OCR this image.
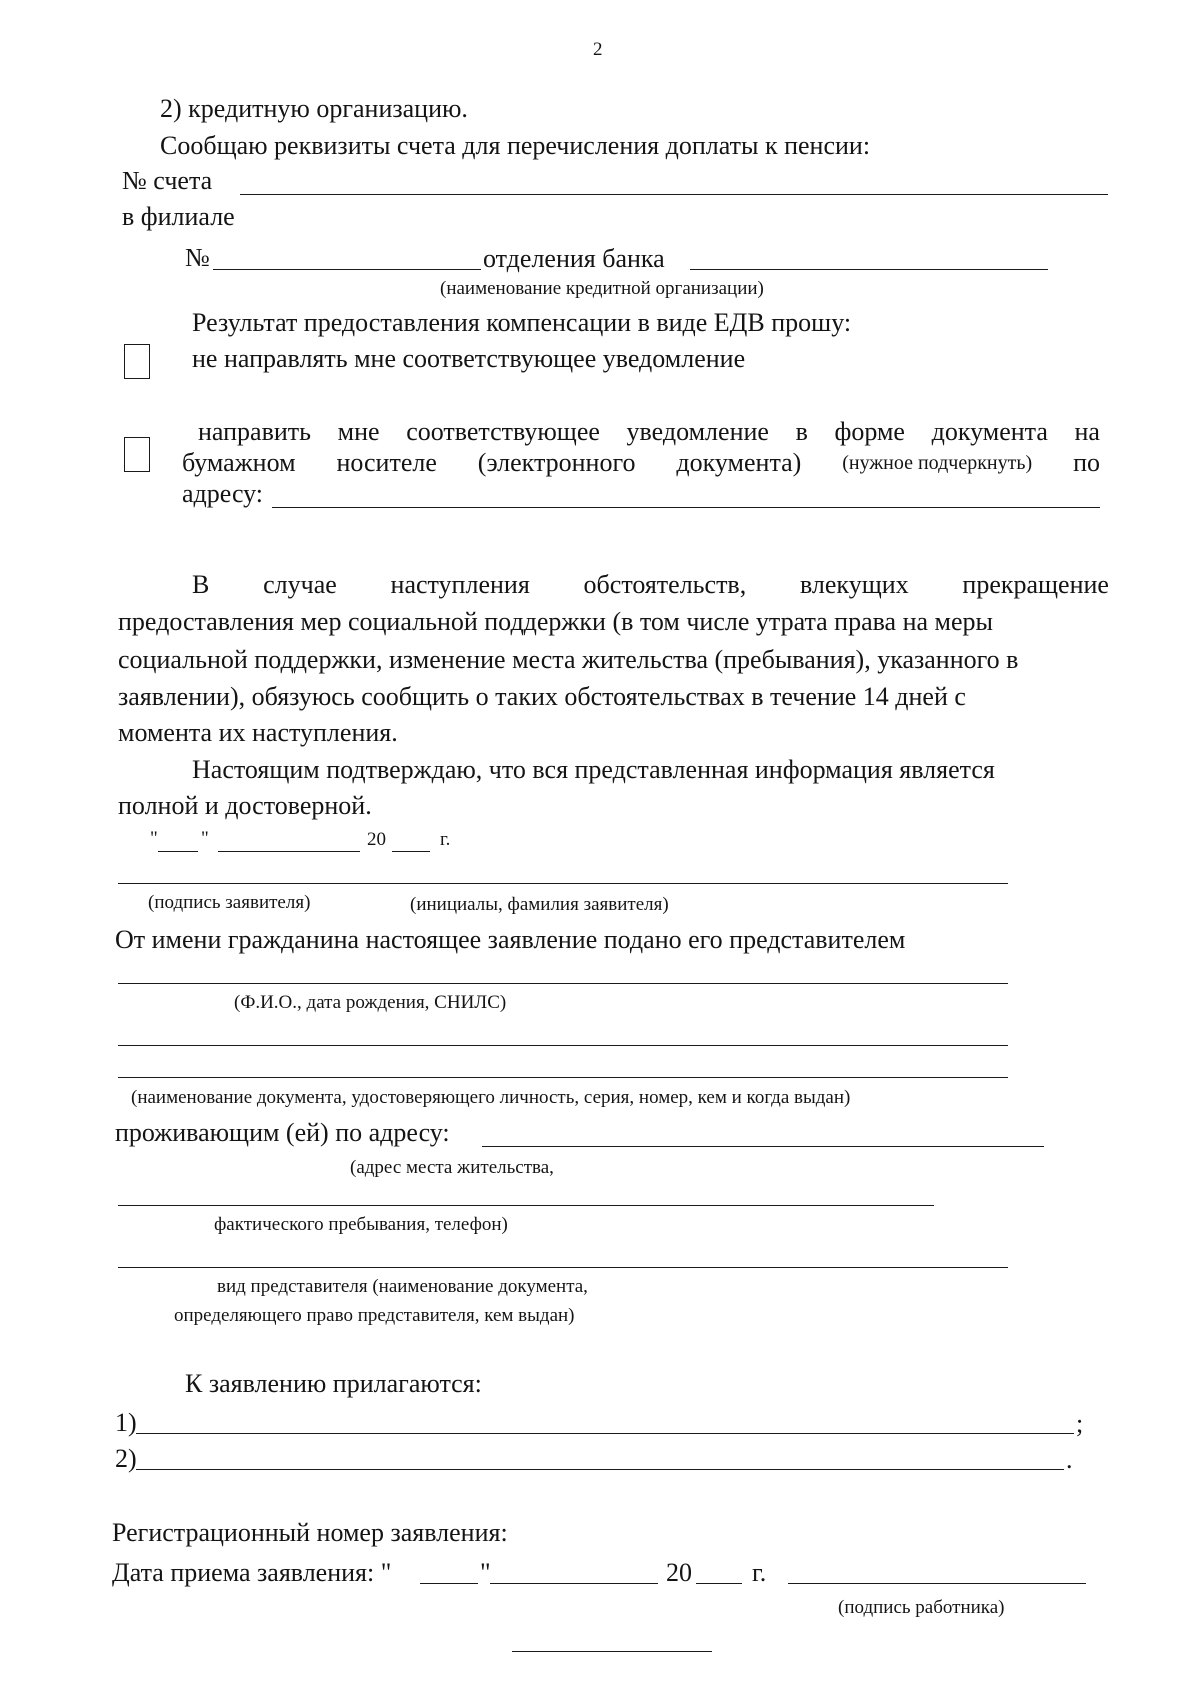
2
2) кредитную организацию.
Сообщаю реквизиты счета для перечисления доплаты к пенсии:
№ счета
в филиале
№	отделения банка
(наименование кредитной организации)
Результат предоставления компенсации в виде ЕДВ прошу:
не направлять мне соответствующее уведомление
направить мне соответствующее уведомление в форме документа на
бумажном носителе (электронного документа) (нужное подчеркнуть) по
адресу:
В случае наступления обстоятельств, влекущих прекращение
предоставления мер социальной поддержки (в том числе утрата права на меры
социальной поддержки, изменение места жительства (пребывания), указанного в
заявлении), обязуюсь сообщить о таких обстоятельствах в течение 14 дней с
момента их наступления.
Настоящим подтверждаю, что вся представленная информация является
полной и достоверной.
" "	20	г.
(подпись заявителя)	(инициалы, фамилия заявителя)
От имени гражданина настоящее заявление подано его представителем
(Ф.И.О., дата рождения, СНИЛС)
(наименование документа, удостоверяющего личность, серия, номер, кем и когда выдан)
проживающим (ей) по адресу:
(адрес места жительства,
фактического пребывания, телефон)
вид представителя (наименование документа,
определяющего право представителя, кем выдан)
К заявлению прилагаются:
1)	;
2)	.
Регистрационный номер заявления:
Дата приема заявления: "	"	20 г.
(подпись работника)
